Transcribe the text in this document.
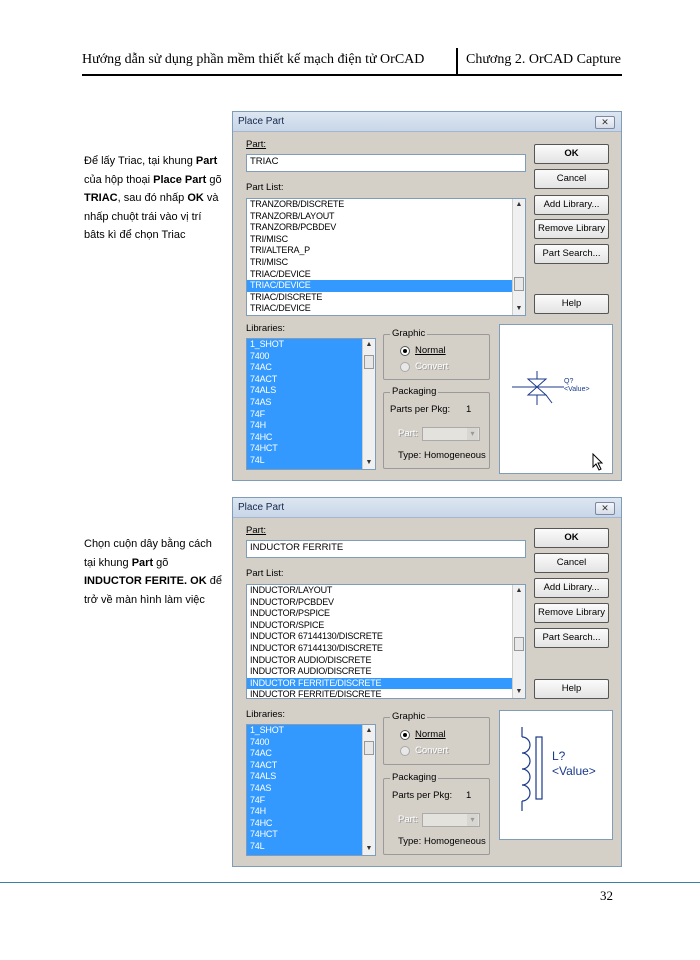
Hướng dẫn sử dụng phần mềm thiết kế mạch điện tử OrCAD	Chương 2. OrCAD Capture
Để lấy Triac, tại khung Part của hộp thoại Place Part gõ TRIAC, sau đó nhấp OK và nhấp chuột trái vào vị trí bâts kì để chọn Triac
Chọn cuộn dây bằng cách tại khung Part gõ INDUCTOR FERITE. OK để trở về màn hình làm việc
Place Part	✕
Part:
TRIAC
Part List:
TRANZORB/DISCRETE
TRANZORB/LAYOUT
TRANZORB/PCBDEV
TRI/MISC
TRI/ALTERA_P
TRI/MISC
TRIAC/DEVICE
TRIAC/DEVICE
TRIAC/DISCRETE
TRIAC/DEVICE
▲
▼
OK
Cancel
Add Library...
Remove Library
Part Search...
Help
Libraries:
1_SHOT
7400
74AC
74ACT
74ALS
74AS
74F
74H
74HC
74HCT
74L
▲
▼
Graphic
Normal
Convert
Packaging
Parts per Pkg: 1
Part:
▾
Type: Homogeneous
Q?
<Value>
Place Part	✕
Part:
INDUCTOR FERRITE
Part List:
INDUCTOR/LAYOUT
INDUCTOR/PCBDEV
INDUCTOR/PSPICE
INDUCTOR/SPICE
INDUCTOR 67144130/DISCRETE
INDUCTOR 67144130/DISCRETE
INDUCTOR AUDIO/DISCRETE
INDUCTOR AUDIO/DISCRETE
INDUCTOR FERRITE/DISCRETE
INDUCTOR FERRITE/DISCRETE
▲
▼
OK
Cancel
Add Library...
Remove Library
Part Search...
Help
Libraries:
1_SHOT
7400
74AC
74ACT
74ALS
74AS
74F
74H
74HC
74HCT
74L
▲
▼
Graphic
Normal
Convert
Packaging
Parts per Pkg: 1
Part:
▾
Type: Homogeneous
L?
<Value>
32
